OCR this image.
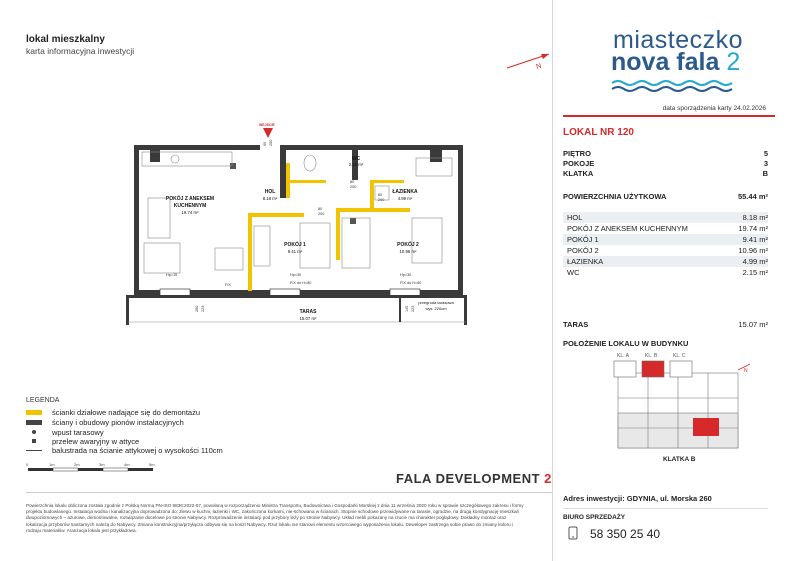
lokal mieszkalny
karta informacyjna inwestycji
N
miasteczko
nova fala 2
data sporządzenia karty 24.02.2026
LOKAL NR 120
PIĘTRO	5
POKOJE	3
KLATKA	B
POWIERZCHNIA UŻYTKOWA	55.44 m²
HOL	8.18 m²
POKÓJ Z ANEKSEM KUCHENNYM	19.74 m²
POKÓJ 1	9.41 m²
POKÓJ 2	10.96 m²
ŁAZIENKA	4.99 m²
WC	2.15 m²
TARAS	15.07 m²
POŁOŻENIE LOKALU W BUDYNKU
KL. A	KL. B	KL. C
N
KLATKA B
WEJŚCIE
90 200
80
200
60
200
80
200
Hp=15	Hp=30	Hp=30
FIX	FIX do H=80	FIX do H=80
260 223	145 223
POKÓJ Z ANEKSEM
KUCHENNYM
HOL
WC
ŁAZIENKA
POKÓJ 1	POKÓJ 2
TARAS
19.74 m²
8.18 m²
2.15 m²
4.99 m²
9.41 m²	10.96 m²
15.07 m²
przegroda tarasowa
wys. 220cm
LEGENDA
ścianki działowe nadające się do demontażu
ściany i obudowy pionów instalacyjnych
wpust tarasowy
przelew awaryjny w attyce
balustrada na ścianie attykowej o wysokości 110cm
0	1m	2m	3m	4m	5m
FALA DEVELOPMENT 2
Powierzchnia lokalu obliczona została zgodnie z Polską Normą PN-ISO 9836:2022-07, powołaną w rozporządzeniu Ministra Transportu, Budownictwa i Gospodarki Morskiej z dnia 11 września 2020 roku w sprawie szczegółowego zakresu i formy projektu budowlanego. Instalacja wodna i kanalizacyjna doprowadzona do: zlewu w kuchni, łazienki i WC, zakończona korkami, nie-schowana w ścianach. Stopnie schodowe przewidywane na tarasie, ogrodzie, na drugą kondygnację mieszkań dwupoziomowych – ażurowe, demontowalne, rozwiązanie docelowe po stronie Nabywcy. Rozprowadzenie instalacji pod przybory leży po stronie Nabywcy. Układ mebli pokazany na rzucie ma charakter poglądowy. Dokładny montaż oraz lokalizacja przyborów sanitarnych należą do Nabywcy. Zmiana konstrukcyjna/przyłącza odbywa się na koszt Nabywcy. Rzut lokalu nie stanowi elementu wzorcowego wyposażenia lokalu. Deweloper zastrzega sobie prawo do zmiany koloru i rodzaju materiałów. Aranżacja lokalu jest przykładowa.
Adres inwestycji: GDYNIA, ul. Morska 260
BIURO SPRZEDAŻY
58 350 25 40
